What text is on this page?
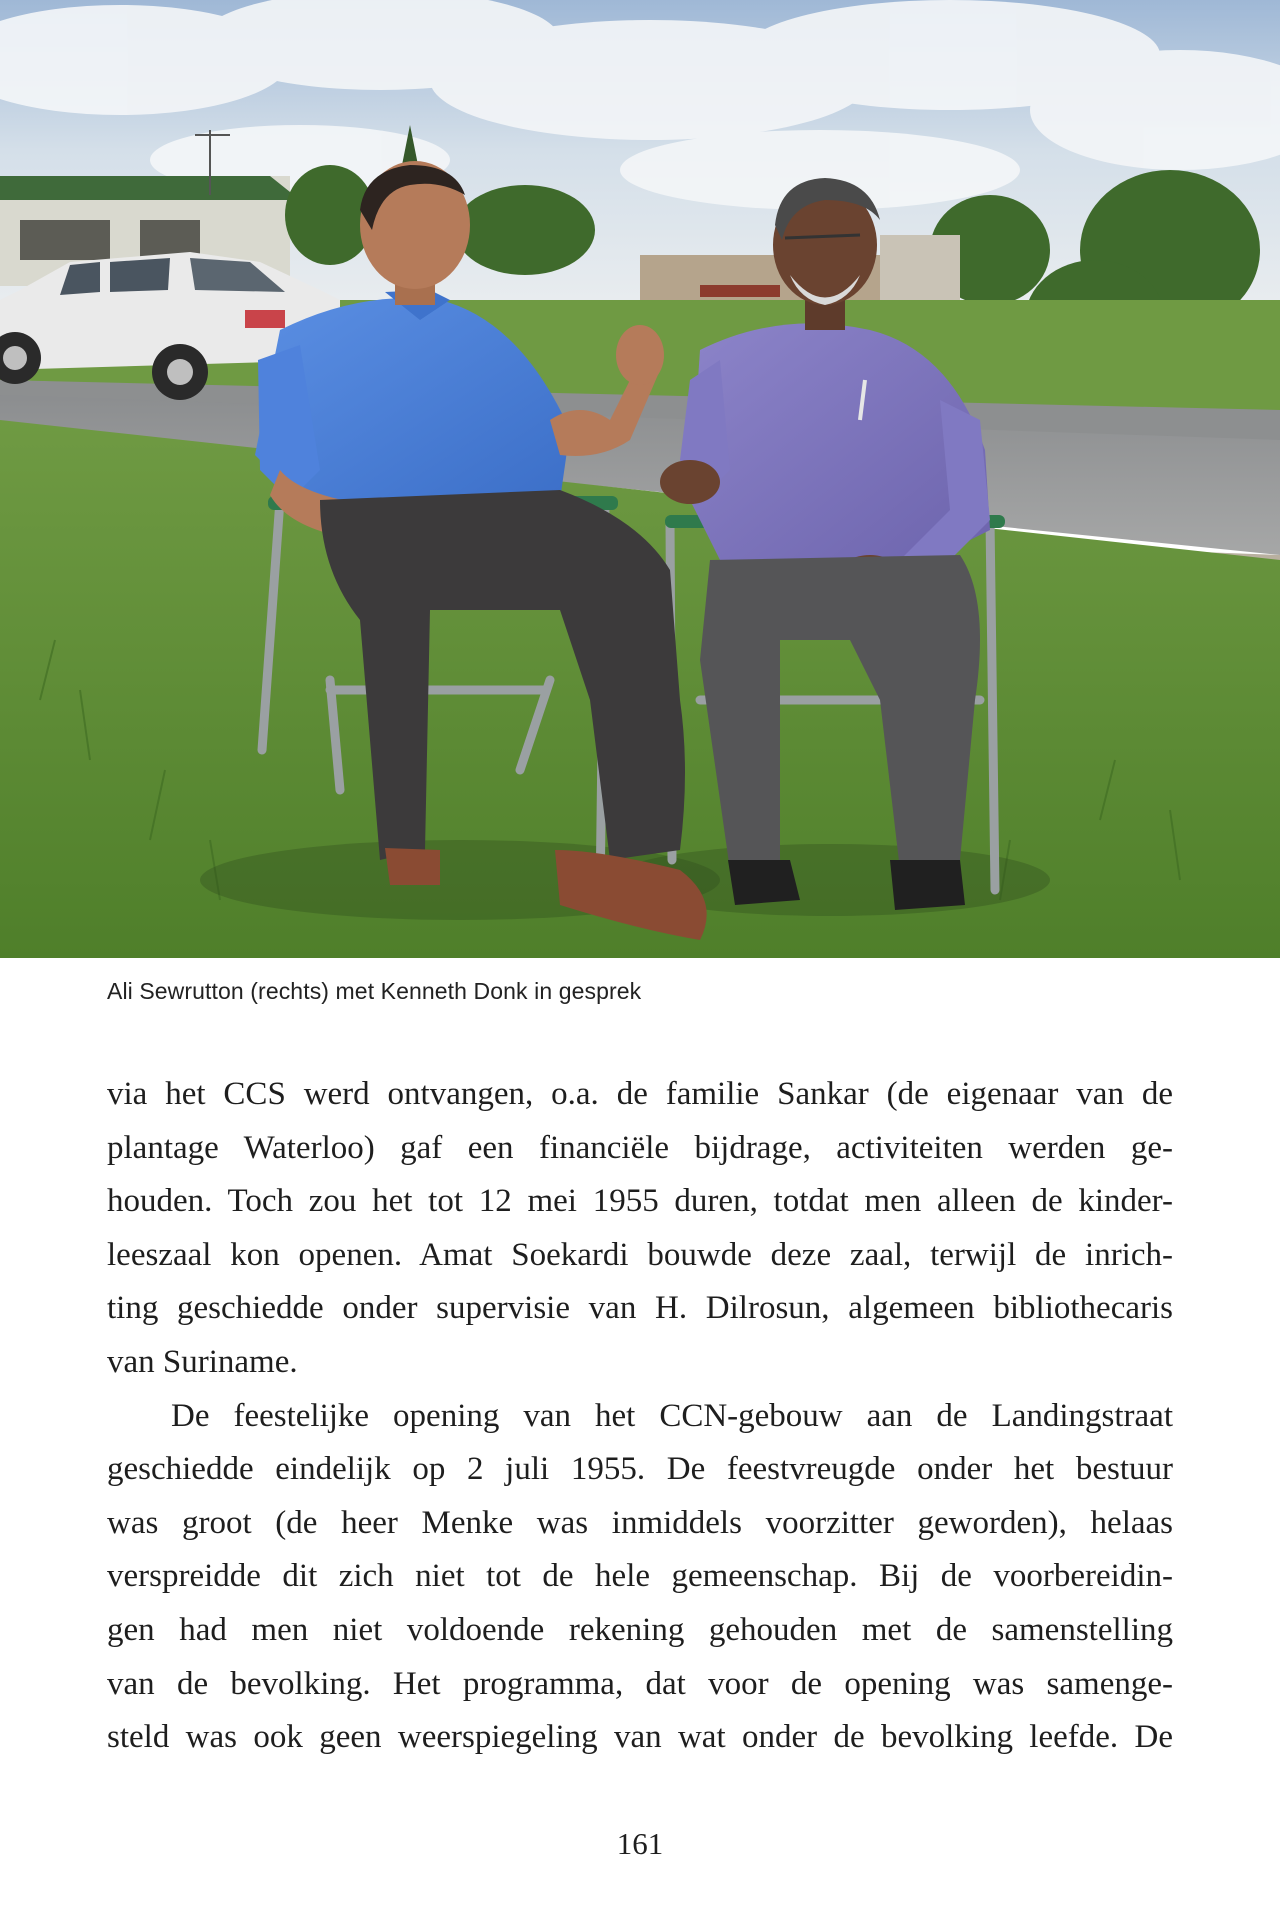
Ali Sewrutton (rechts) met Kenneth Donk in gesprek
via het CCS werd ontvangen, o.a. de familie Sankar (de eigenaar van de
plantage Waterloo) gaf een financiële bijdrage, activiteiten werden ge-
houden. Toch zou het tot 12 mei 1955 duren, totdat men alleen de kinder-
leeszaal kon openen. Amat Soekardi bouwde deze zaal, terwijl de inrich-
ting geschiedde onder supervisie van H. Dilrosun, algemeen bibliothecaris
van Suriname.
De feestelijke opening van het CCN-gebouw aan de Landingstraat
geschiedde eindelijk op 2 juli 1955. De feestvreugde onder het bestuur
was groot (de heer Menke was inmiddels voorzitter geworden), helaas
verspreidde dit zich niet tot de hele gemeenschap. Bij de voorbereidin-
gen had men niet voldoende rekening gehouden met de samenstelling
van de bevolking. Het programma, dat voor de opening was samenge-
steld was ook geen weerspiegeling van wat onder de bevolking leefde. De
161
